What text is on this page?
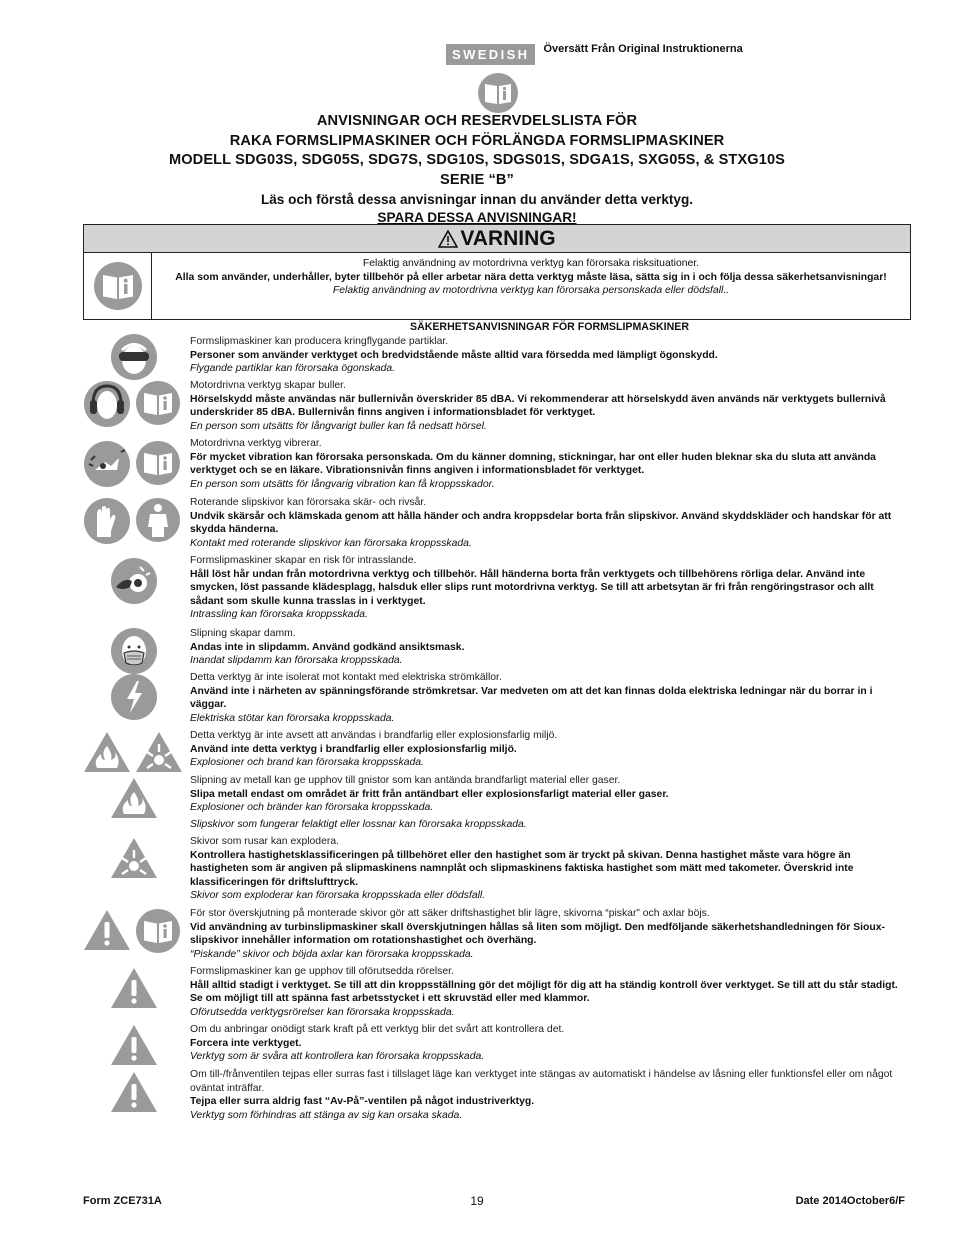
SWEDISH	Översätt Från Original Instruktionerna
ANVISNINGAR OCH RESERVDELSLISTA FÖR
RAKA FORMSLIPMASKINER OCH FÖRLÄNGDA FORMSLIPMASKINER
MODELL SDG03S, SDG05S, SDG7S, SDG10S, SDGS01S, SDGA1S, SXG05S, & STXG10S
SERIE “B”
Läs och förstå dessa anvisningar innan du använder detta verktyg.
SPARA DESSA ANVISNINGAR!
VARNING
Felaktig användning av motordrivna verktyg kan förorsaka risksituationer.
Alla som använder, underhåller, byter tillbehör på eller arbetar nära detta verktyg måste läsa, sätta sig in i och följa dessa säkerhetsanvisningar!
Felaktig användning av motordrivna verktyg kan förorsaka personskada eller dödsfall..
SÄKERHETSANVISNINGAR FÖR FORMSLIPMASKINER
Formslipmaskiner kan producera kringflygande partiklar.
Personer som använder verktyget och bredvidstående måste alltid vara försedda med lämpligt ögonskydd.
Flygande partiklar kan förorsaka ögonskada.
Motordrivna verktyg skapar buller.
Hörselskydd måste användas när bullernivån överskrider 85 dBA. Vi rekommenderar att hörselskydd även används när verktygets bullernivå underskrider 85 dBA. Bullernivån finns angiven i informationsbladet för verktyget.
En person som utsätts för långvarigt buller kan få nedsatt hörsel.
Motordrivna verktyg vibrerar.
För mycket vibration kan förorsaka personskada. Om du känner domning, stickningar, har ont eller huden bleknar ska du sluta att använda verktyget och se en läkare. Vibrationsnivån finns angiven i informationsbladet för verktyget.
En person som utsätts för långvarig vibration kan få kroppsskador.
Roterande slipskivor kan förorsaka skär- och rivsår.
Undvik skärsår och klämskada genom att hålla händer och andra kroppsdelar borta från slipskivor. Använd skyddskläder och handskar för att skydda händerna.
Kontakt med roterande slipskivor kan förorsaka kroppsskada.
Formslipmaskiner skapar en risk för intrasslande.
Håll löst hår undan från motordrivna verktyg och tillbehör. Håll händerna borta från verktygets och tillbehörens rörliga delar. Använd inte smycken, löst passande klädesplagg, halsduk eller slips runt motordrivna verktyg. Se till att arbetsytan är fri från rengöringstrasor och allt sådant som skulle kunna trasslas in i verktyget.
Intrassling kan förorsaka kroppsskada.
Slipning skapar damm.
Andas inte in slipdamm. Använd godkänd ansiktsmask.
Inandat slipdamm kan förorsaka kroppsskada.
Detta verktyg är inte isolerat mot kontakt med elektriska strömkällor.
Använd inte i närheten av spänningsförande strömkretsar. Var medveten om att det kan finnas dolda elektriska ledningar när du borrar in i väggar.
Elektriska stötar kan förorsaka kroppsskada.
Detta verktyg är inte avsett att användas i brandfarlig eller explosionsfarlig miljö.
Använd inte detta verktyg i brandfarlig eller explosionsfarlig miljö.
Explosioner och brand kan förorsaka kroppsskada.
Slipning av metall kan ge upphov till gnistor som kan antända brandfarligt material eller gaser.
Slipa metall endast om området är fritt från antändbart eller explosionsfarligt material eller gaser.
Explosioner och bränder kan förorsaka kroppsskada.
Slipskivor som fungerar felaktigt eller lossnar kan förorsaka kroppsskada.
Skivor som rusar kan explodera.
Kontrollera hastighetsklassificeringen på tillbehöret eller den hastighet som är tryckt på skivan. Denna hastighet måste vara högre än hastigheten som är angiven på slipmaskinens namnplåt och slipmaskinens faktiska hastighet som mätt med takometer. Överskrid inte klassificeringen för driftslufttryck.
Skivor som exploderar kan förorsaka kroppsskada eller dödsfall.
För stor överskjutning på monterade skivor gör att säker driftshastighet blir lägre, skivorna “piskar” och axlar böjs.
Vid användning av turbinslipmaskiner skall överskjutningen hållas så liten som möjligt. Den medföljande säkerhetshandledningen för Sioux-slipskivor innehåller information om rotationshastighet och överhäng.
“Piskande” skivor och böjda axlar kan förorsaka kroppsskada.
Formslipmaskiner kan ge upphov till oförutsedda rörelser.
Håll alltid stadigt i verktyget. Se till att din kroppsställning gör det möjligt för dig att ha ständig kontroll över verktyget. Se till att du står stadigt. Se om möjligt till att spänna fast arbetsstycket i ett skruvstäd eller med klammor.
Oförutsedda verktygsrörelser kan förorsaka kroppsskada.
Om du anbringar onödigt stark kraft på ett verktyg blir det svårt att kontrollera det.
Forcera inte verktyget.
Verktyg som är svåra att kontrollera kan förorsaka kroppsskada.
Om till-/frånventilen tejpas eller surras fast i tillslaget läge kan verktyget inte stängas av automatiskt i händelse av låsning eller funktionsfel eller om något oväntat inträffar.
Tejpa eller surra aldrig fast “Av-På”-ventilen på något industriverktyg.
Verktyg som förhindras att stänga av sig kan orsaka skada.
Form ZCE731A	19	Date 2014October6/F
